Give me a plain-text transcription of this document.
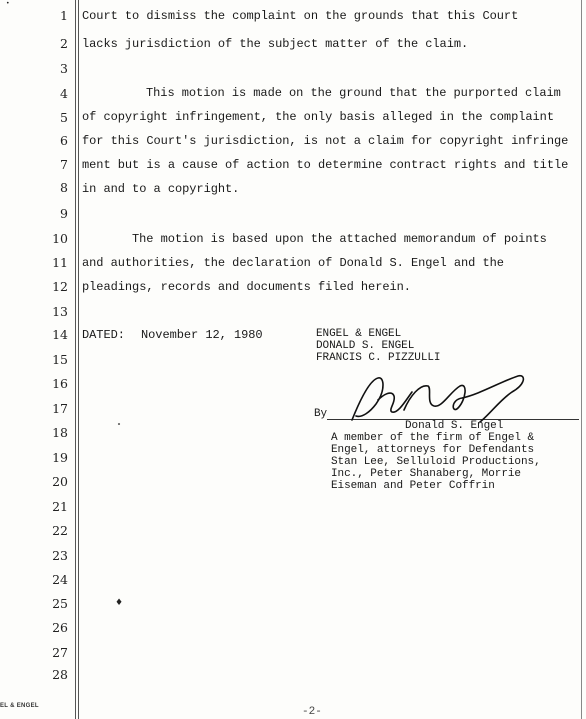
1
2
3
4
5
6
7
8
9
10
11
12
13
14
15
16
17
18
19
20
21
22
23
24
25
26
27
28
Court to dismiss the complaint on the grounds that this Court
lacks jurisdiction of the subject matter of the claim.
This motion is made on the ground that the purported claim
of copyright infringement, the only basis alleged in the complaint
for this Court's jurisdiction, is not a claim for copyright infringe
ment but is a cause of action to determine contract rights and title
in and to a copyright.
The motion is based upon the attached memorandum of points
and authorities, the declaration of Donald S. Engel and the
pleadings, records and documents filed herein.
DATED: November 12, 1980	ENGEL & ENGEL
DONALD S. ENGEL
FRANCIS C. PIZZULLI
By
Donald S. Engel
A member of the firm of Engel &
Engel, attorneys for Defendants
Stan Lee, Selluloid Productions,
Inc., Peter Shanaberg, Morrie
Eiseman and Peter Coffrin
•
˚
♦
EL & ENGEL	-2-
